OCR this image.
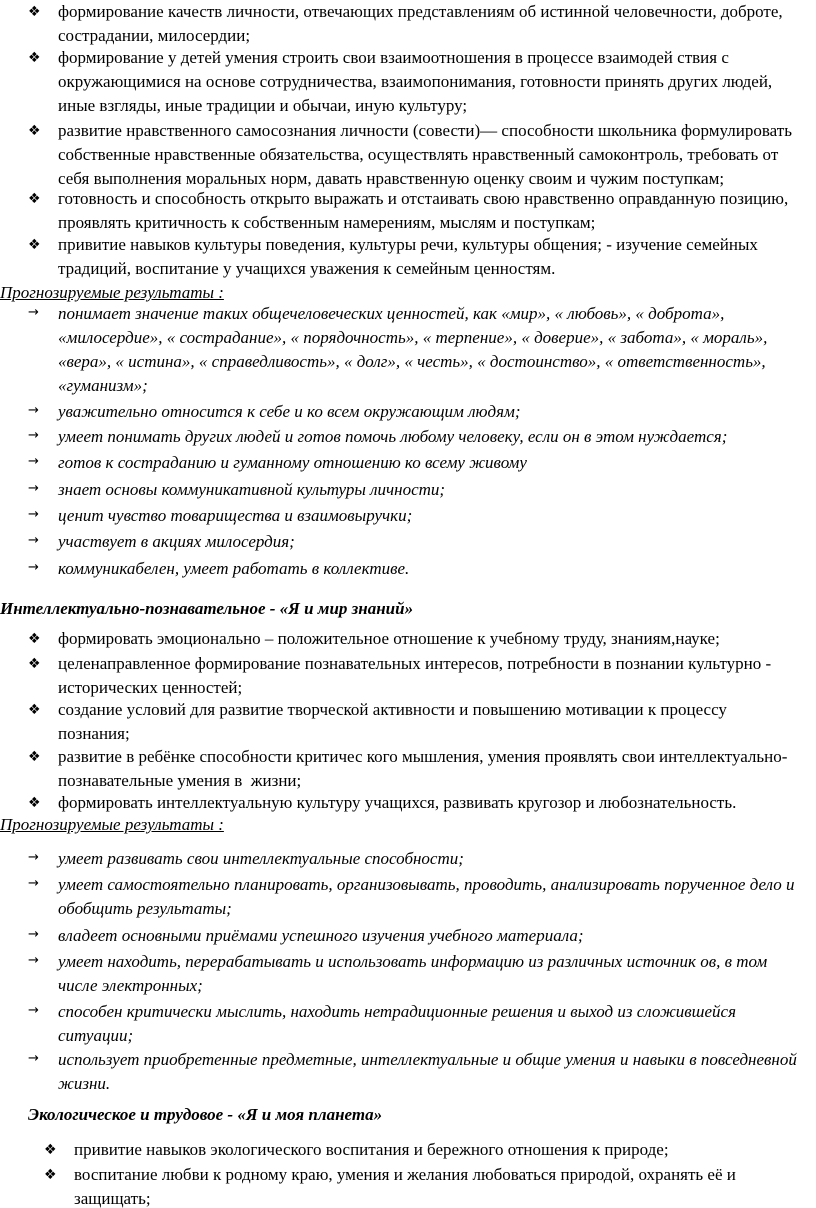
❖	формирование качеств личности, отвечающих представлениям об истинной человечности, доброте,
сострадании, милосердии;
❖	формирование у детей умения строить свои взаимоотношения в процессе взаимодей ствия с
окружающимися на основе сотрудничества, взаимопонимания, готовности принять других людей,
иные взгляды, иные традиции и обычаи, иную культуру;
❖	развитие нравственного самосознания личности (совести)— способности школьника формулировать
собственные нравственные обязательства, осуществлять нравственный самоконтроль, требовать от
себя выполнения моральных норм, давать нравственную оценку своим и чужим поступкам;
❖	готовность и способность открыто выражать и отстаивать свою нравственно оправданную позицию,
проявлять критичность к собственным намерениям, мыслям и поступкам;
❖	привитие навыков культуры поведения, культуры речи, культуры общения; - изучение семейных
традиций, воспитание у учащихся уважения к семейным ценностям.
Прогнозируемые результаты :
→ понимает значение таких общечеловеческих ценностей, как «мир», « любовь», « доброта»,
«милосердие», « сострадание», « порядочность», « терпение», « доверие», « забота», « мораль»,
«вера», « истина», « справедливость», « долг», « честь», « достоинство», « ответственность»,
«гуманизм»;
→ уважительно относится к себе и ко всем окружающим людям;
→ умеет понимать других людей и готов помочь любому человеку, если он в этом нуждается;
→ готов к состраданию и гуманному отношению ко всему живому
→ знает основы коммуникативной культуры личности;
→ ценит чувство товарищества и взаимовыручки;
→ участвует в акциях милосердия;
→ коммуникабелен, умеет работать в коллективе.
Интеллектуально-познавательное - «Я и мир знаний»
❖	формировать эмоционально – положительное отношение к учебному труду, знаниям,науке;
❖	целенаправленное формирование познавательных интересов, потребности в познании культурно -
исторических ценностей;
❖	создание условий для развитие творческой активности и повышению мотивации к процессу
познания;
❖	развитие в ребёнке способности критичес кого мышления, умения проявлять свои интеллектуально-
познавательные умения в  жизни;
❖	формировать интеллектуальную культуру учащихся, развивать кругозор и любознательность.
Прогнозируемые результаты :
→ умеет развивать свои интеллектуальные способности;
→ умеет самостоятельно планировать, организовывать, проводить, анализировать порученное дело и
обобщить результаты;
→ владеет основными приёмами успешного изучения учебного материала;
→ умеет находить, перерабатывать и использовать информацию из различных источник ов, в том
числе электронных;
→ способен критически мыслить, находить нетрадиционные решения и выход из сложившейся
ситуации;
→ использует приобретенные предметные, интеллектуальные и общие умения и навыки в повседневной
жизни.
Экологическое и трудовое - «Я и моя планета»
❖	привитие навыков экологического воспитания и бережного отношения к природе;
❖	воспитание любви к родному краю, умения и желания любоваться природой, охранять её и
защищать;
